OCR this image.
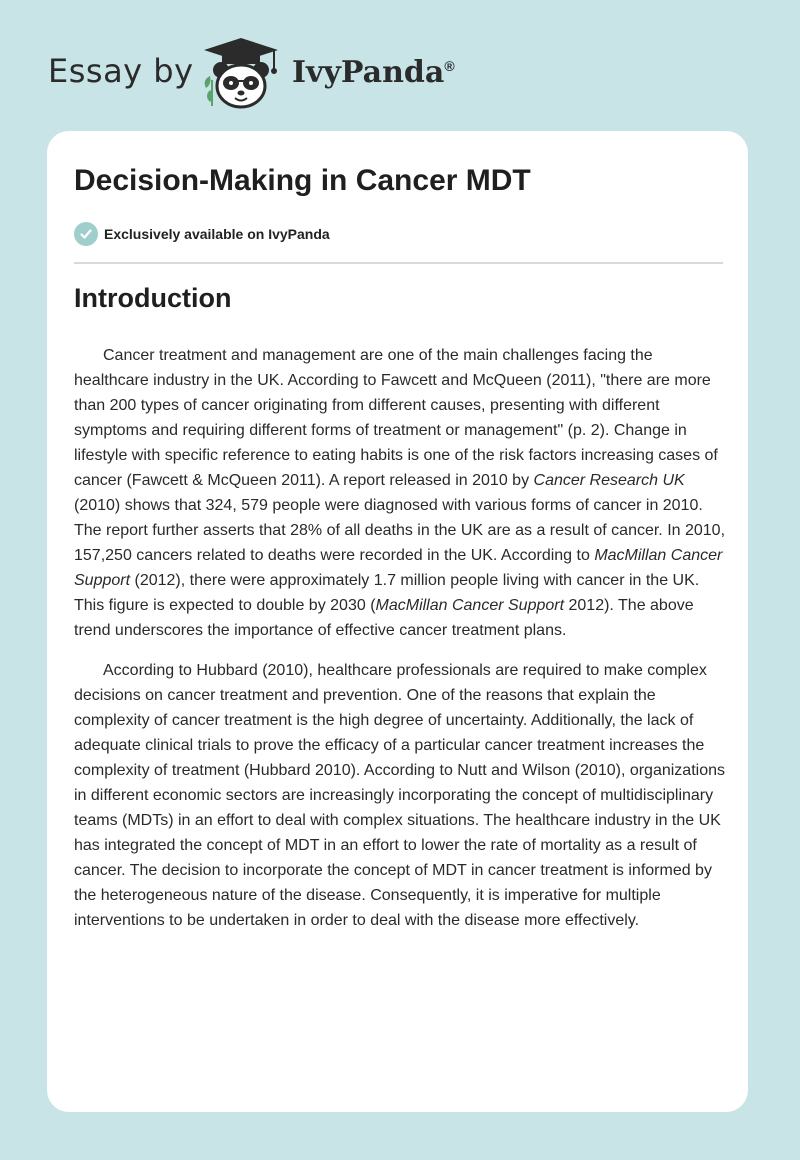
Essay by	IvyPanda®
Decision-Making in Cancer MDT
Exclusively available on IvyPanda
Introduction

Cancer treatment and management are one of the main challenges facing the healthcare industry in the UK. According to Fawcett and McQueen (2011), "there are more than 200 types of cancer originating from different causes, presenting with different symptoms and requiring different forms of treatment or management" (p. 2). Change in lifestyle with specific reference to eating habits is one of the risk factors increasing cases of cancer (Fawcett & McQueen 2011). A report released in 2010 by Cancer Research UK (2010) shows that 324, 579 people were diagnosed with various forms of cancer in 2010. The report further asserts that 28% of all deaths in the UK are as a result of cancer. In 2010, 157,250 cancers related to deaths were recorded in the UK. According to MacMillan Cancer Support (2012), there were approximately 1.7 million people living with cancer in the UK. This figure is expected to double by 2030 (MacMillan Cancer Support 2012). The above trend underscores the importance of effective cancer treatment plans.

According to Hubbard (2010), healthcare professionals are required to make complex decisions on cancer treatment and prevention. One of the reasons that explain the complexity of cancer treatment is the high degree of uncertainty. Additionally, the lack of adequate clinical trials to prove the efficacy of a particular cancer treatment increases the complexity of treatment (Hubbard 2010). According to Nutt and Wilson (2010), organizations in different economic sectors are increasingly incorporating the concept of multidisciplinary teams (MDTs) in an effort to deal with complex situations. The healthcare industry in the UK has integrated the concept of MDT in an effort to lower the rate of mortality as a result of cancer. The decision to incorporate the concept of MDT in cancer treatment is informed by the heterogeneous nature of the disease. Consequently, it is imperative for multiple interventions to be undertaken in order to deal with the disease more effectively.
